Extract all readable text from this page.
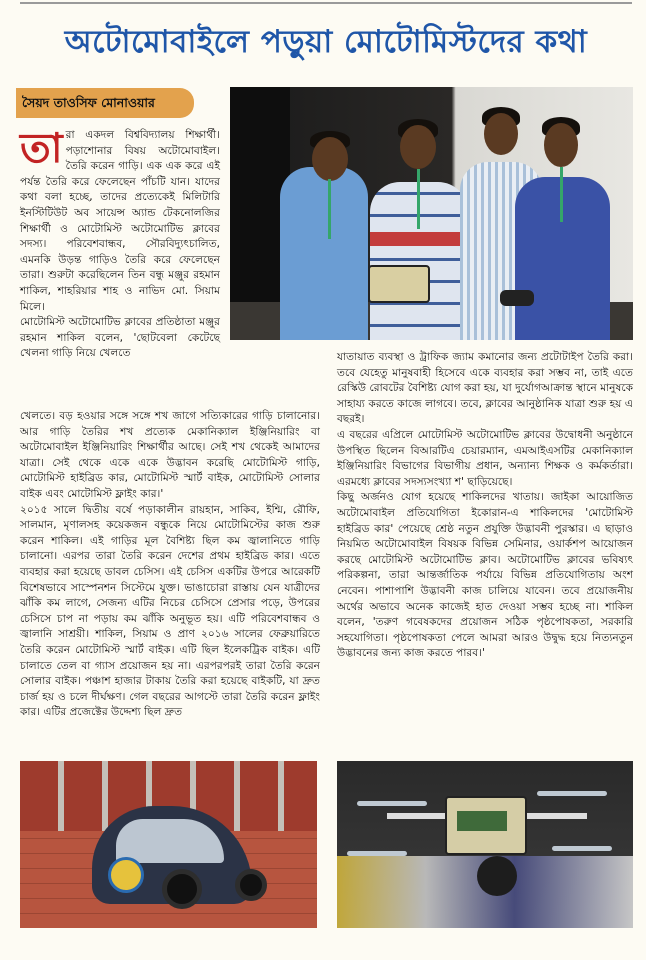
অটোমোবাইলে পড়ুয়া মোটোমিস্টদের কথা
সৈয়দ তাওসিফ মোনাওয়ার
তা রা একদল বিশ্ববিদ্যালয় শিক্ষার্থী। পড়াশোনার বিষয় অটোমোবাইল। তৈরি করেন গাড়ি। এক এক করে এই পর্যন্ত তৈরি করে ফেলেছেন পাঁচটি যান। যাদের কথা বলা হচ্ছে, তাদের প্রত্যেকেই মিলিটারি ইনস্টিটিউট অব সায়েন্স অ্যান্ড টেকনোলজির শিক্ষার্থী ও মোটোমিস্ট অটোমোটিভ ক্লাবের সদস্য। পরিবেশবান্ধব, সৌরবিদ্যুৎচালিত, এমনকি উড়ন্ত গাড়িও তৈরি করে ফেলেছেন তারা। শুরুটা করেছিলেন তিন বন্ধু মঞ্জুর রহমান শাকিল, শাহরিয়ার শাহ ও নাভিদ মো. সিয়াম মিলে।
মোটোমিস্ট অটোমোটিভ ক্লাবের প্রতিষ্ঠাতা মঞ্জুর রহমান শাকিল বলেন, 'ছোটবেলা কেটেছে খেলনা গাড়ি নিয়ে খেলতে
খেলতে। বড় হওয়ার সঙ্গে সঙ্গে শখ জাগে সত্যিকারের গাড়ি চালানোর। আর গাড়ি তৈরির শখ প্রত্যেক মেকানিক্যাল ইঞ্জিনিয়ারিং বা অটোমোবাইল ইঞ্জিনিয়ারিং শিক্ষার্থীর আছে। সেই শখ থেকেই আমাদের যাত্রা। সেই থেকে একে একে উদ্ভাবন করেছি মোটোমিস্ট গাড়ি, মোটোমিস্ট হাইব্রিড কার, মোটোমিস্ট স্মার্ট বাইক, মোটোমিস্ট সোলার বাইক এবং মোটোমিস্ট ফ্লাইং কার।'
২০১৫ সালে দ্বিতীয় বর্ষে পড়াকালীন রায়হান, সাকিব, ইশ্মি, রৌফি, সালমান, মৃণালসহ কয়েকজন বন্ধুকে নিয়ে মোটোমিস্টের কাজ শুরু করেন শাকিল। এই গাড়ির মূল বৈশিষ্ট্য ছিল কম জ্বালানিতে গাড়ি চালানো। এরপর তারা তৈরি করেন দেশের প্রথম হাইব্রিড কার। এতে ব্যবহার করা হয়েছে ডাবল চেসিস। এই চেসিস একটির উপরে আরেকটি বিশেষভাবে সাস্পেনশন সিস্টেমে যুক্ত। ভাঙাচোরা রাস্তায় যেন যাত্রীদের ঝাঁকি কম লাগে, সেজন্য এটির নিচের চেসিসে প্রেসার পড়ে, উপরের চেসিসে চাপ না পড়ায় কম ঝাঁকি অনুভূত হয়। এটি পরিবেশবান্ধব ও জ্বালানি সাশ্রয়ী। শাকিল, সিয়াম ও প্রাণ ২০১৬ সালের ফেব্রুয়ারিতে তৈরি করেন মোটোমিস্ট স্মার্ট বাইক। এটি ছিল ইলেকট্রিক বাইক। এটি চালাতে তেল বা গ্যাস প্রয়োজন হয় না। এরপরপরই তারা তৈরি করেন সোলার বাইক। পঞ্চাশ হাজার টাকায় তৈরি করা হয়েছে বাইকটি, যা দ্রুত চার্জ হয় ও চলে দীর্ঘক্ষণ। গেল বছরের আগস্টে তারা তৈরি করেন ফ্লাইং কার। এটির প্রজেক্টের উদ্দেশ্য ছিল দ্রুত
যাতায়াত ব্যবস্থা ও ট্রাফিক জ্যাম কমানোর জন্য প্রটোটাইপ তৈরি করা। তবে যেহেতু মানুষবাহী হিসেবে একে ব্যবহার করা সম্ভব না, তাই এতে রেস্কিউ রোবটের বৈশিষ্ট্য যোগ করা হয়, যা দুর্যোগআক্রান্ত স্থানে মানুষকে সাহায্য করতে কাজে লাগবে। তবে, ক্লাবের আনুষ্ঠানিক যাত্রা শুরু হয় এ বছরই।
এ বছরের এপ্রিলে মোটোমিস্ট অটোমোটিভ ক্লাবের উদ্বোধনী অনুষ্ঠানে উপস্থিত ছিলেন বিআরটিএ চেয়ারম্যান, এমআইএসটির মেকানিক্যাল ইঞ্জিনিয়ারিং বিভাগের বিভাগীয় প্রধান, অন্যান্য শিক্ষক ও কর্মকর্তারা। এরমধ্যে ক্লাবের সদস্যসংখ্যা শ' ছাড়িয়েছে।
কিছু অর্জনও যোগ হয়েছে শাকিলদের খাতায়। জাইকা আয়োজিত অটোমোবাইল প্রতিযোগিতা ইকোরান-এ শাকিলদের 'মোটোমিস্ট হাইব্রিড কার' পেয়েছে শ্রেষ্ঠ নতুন প্রযুক্তি উদ্ভাবনী পুরস্কার। এ ছাড়াও নিয়মিত অটোমোবাইল বিষয়ক বিভিন্ন সেমিনার, ওয়ার্কশপ আয়োজন করছে মোটোমিস্ট অটোমোটিভ ক্লাব। অটোমোটিভ ক্লাবের ভবিষ্যৎ পরিকল্পনা, তারা আন্তর্জাতিক পর্যায়ে বিভিন্ন প্রতিযোগিতায় অংশ নেবেন। পাশাপাশি উদ্ভাবনী কাজ চালিয়ে যাবেন। তবে প্রয়োজনীয় অর্থের অভাবে অনেক কাজেই হাত দেওয়া সম্ভব হচ্ছে না। শাকিল বলেন, 'তরুণ গবেষকদের প্রয়োজন সঠিক পৃষ্ঠপোষকতা, সরকারি সহযোগিতা। পৃষ্ঠপোষকতা পেলে আমরা আরও উদ্বুদ্ধ হয়ে নিত্যনতুন উদ্ভাবনের জন্য কাজ করতে পারব।'
